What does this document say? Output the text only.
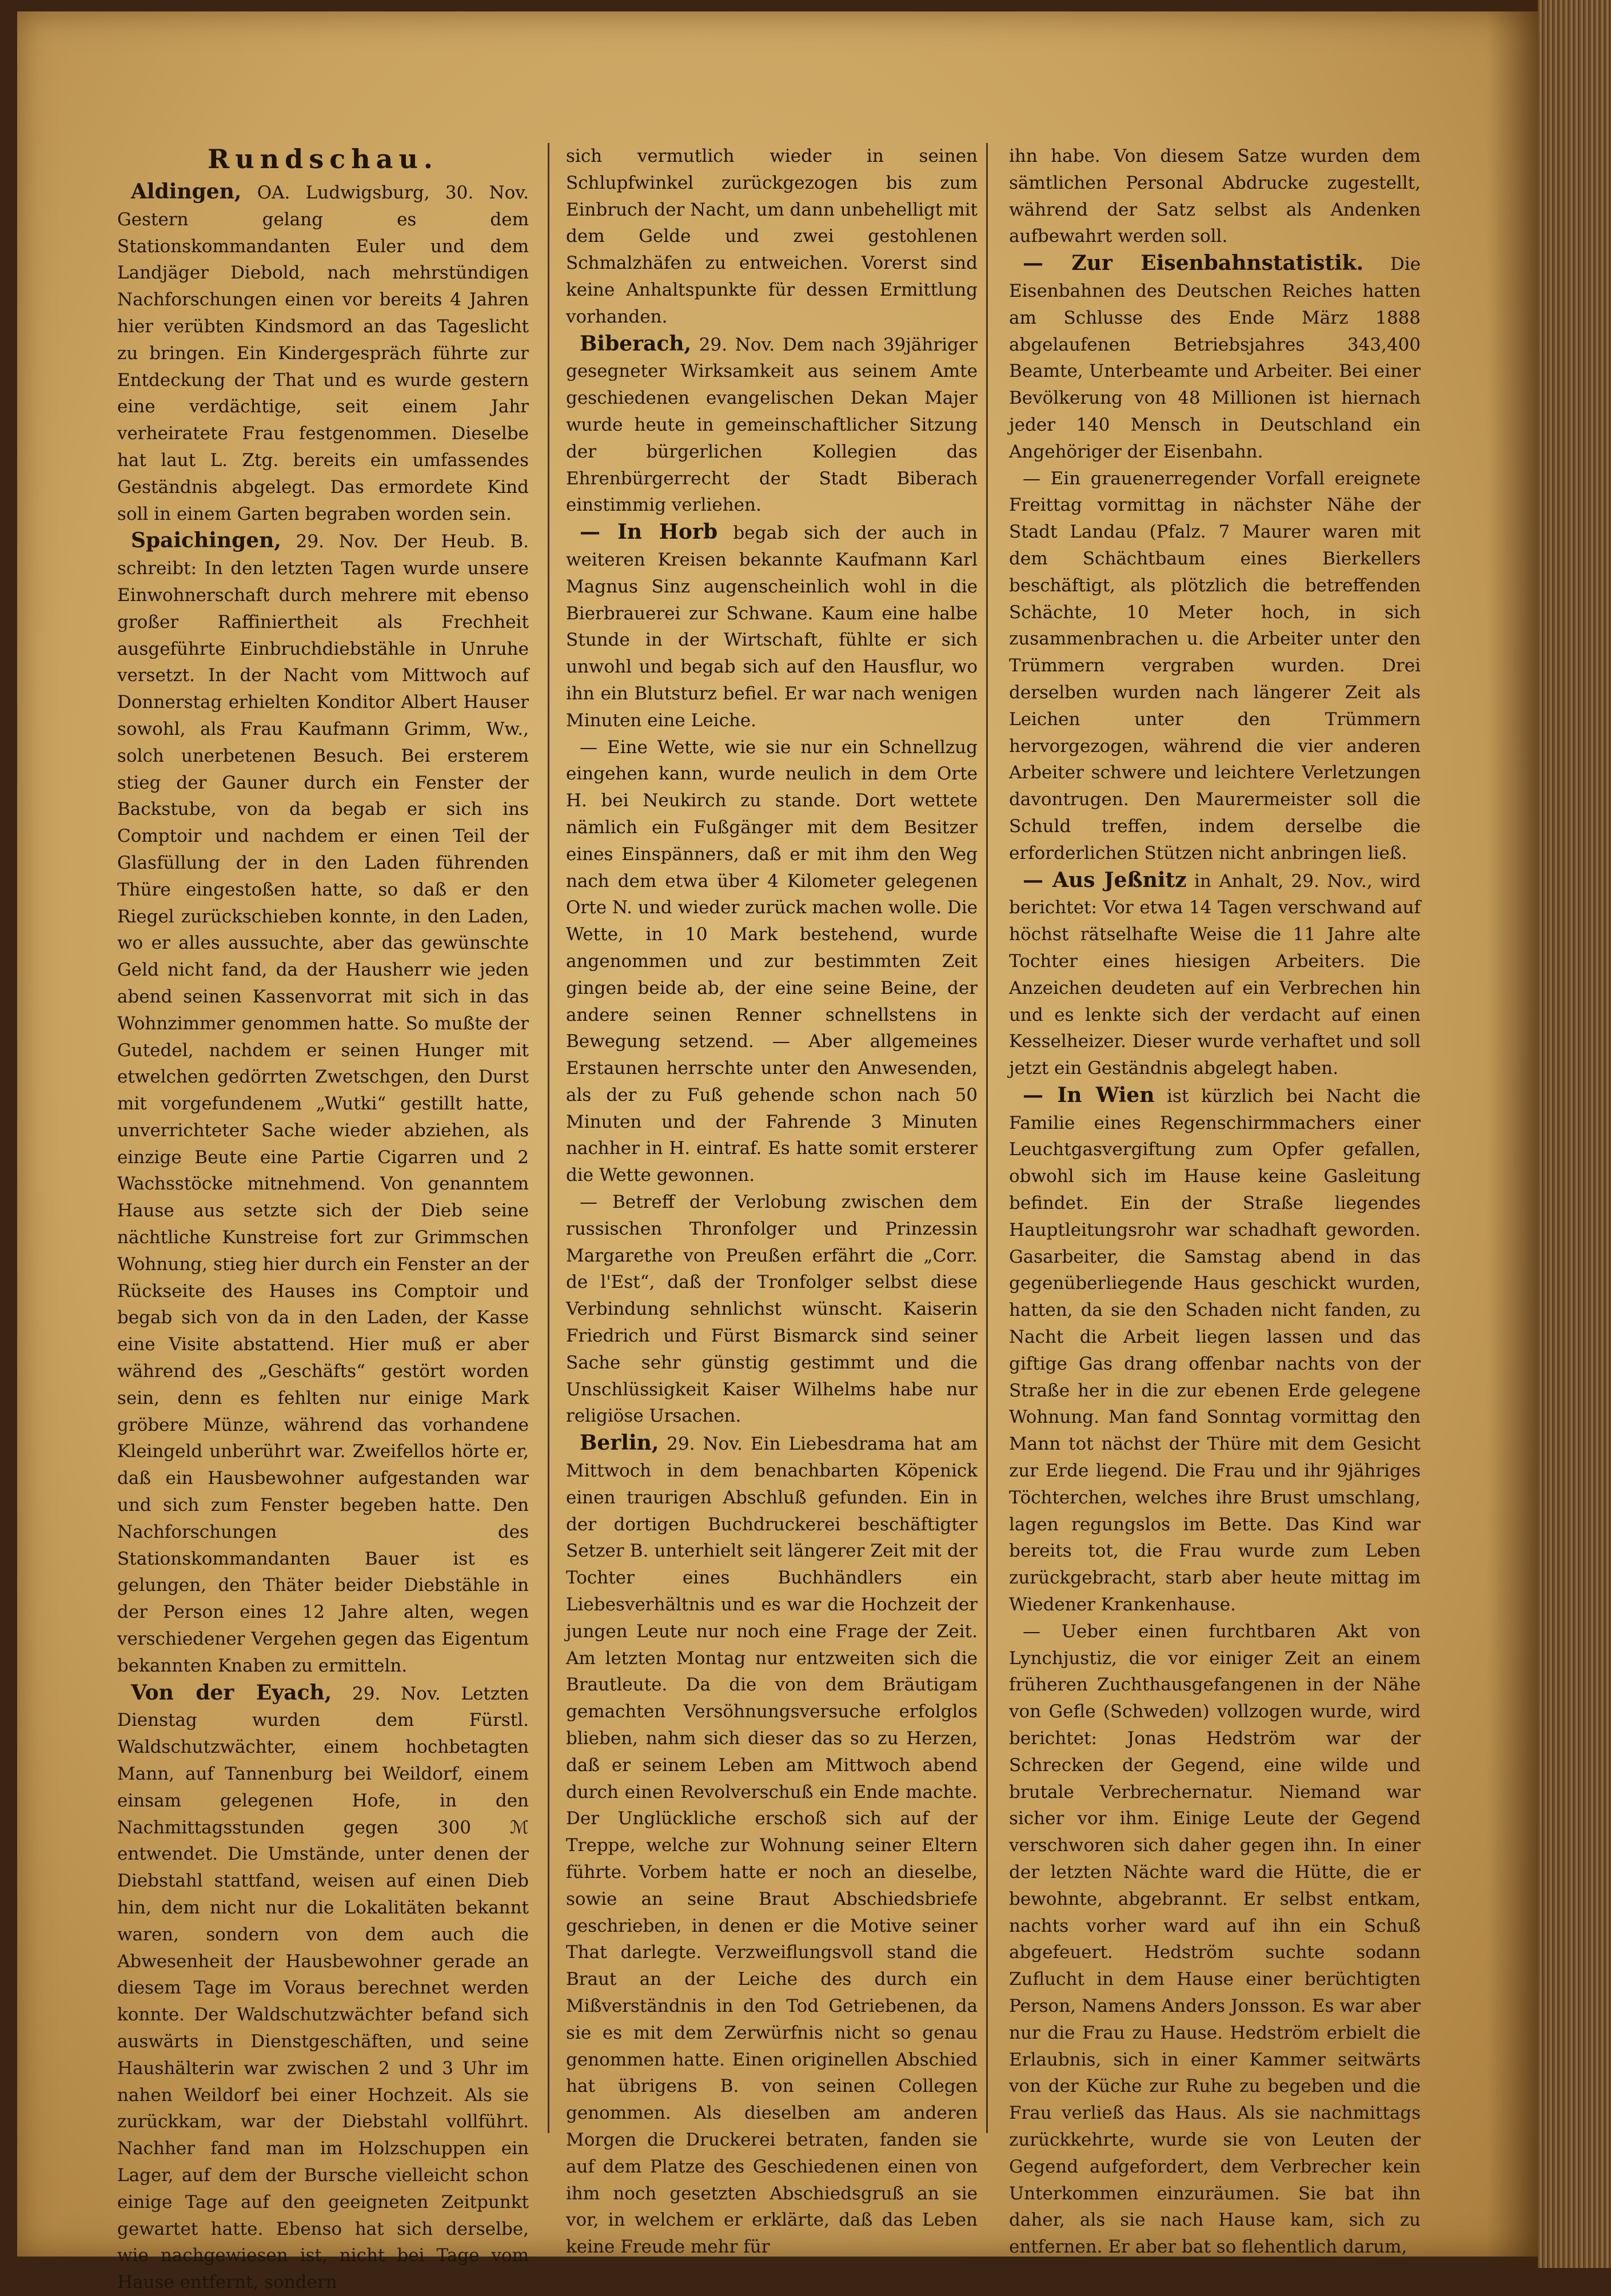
Rundschau.

Aldingen, OA. Ludwigsburg, 30. Nov. Gestern gelang es dem Stationskommandanten Euler und dem Landjäger Diebold, nach mehrstündigen Nachforschungen einen vor bereits 4 Jahren hier verübten Kindsmord an das Tageslicht zu bringen. Ein Kindergespräch führte zur Entdeckung der That und es wurde gestern eine verdächtige, seit einem Jahr verheiratete Frau festgenommen. Dieselbe hat laut L. Ztg. bereits ein umfassendes Geständnis abgelegt. Das ermordete Kind soll in einem Garten begraben worden sein.

Spaichingen, 29. Nov. Der Heub. B. schreibt: In den letzten Tagen wurde unsere Einwohnerschaft durch mehrere mit ebenso großer Raffiniertheit als Frechheit ausgeführte Einbruchdiebstähle in Unruhe versetzt. In der Nacht vom Mittwoch auf Donnerstag erhielten Konditor Albert Hauser sowohl, als Frau Kaufmann Grimm, Ww., solch unerbetenen Besuch. Bei ersterem stieg der Gauner durch ein Fenster der Backstube, von da begab er sich ins Comptoir und nachdem er einen Teil der Glasfüllung der in den Laden führenden Thüre eingestoßen hatte, so daß er den Riegel zurückschieben konnte, in den Laden, wo er alles aussuchte, aber das gewünschte Geld nicht fand, da der Hausherr wie jeden abend seinen Kassenvorrat mit sich in das Wohnzimmer genommen hatte. So mußte der Gutedel, nachdem er seinen Hunger mit etwelchen gedörrten Zwetschgen, den Durst mit vorgefundenem „Wutki“ gestillt hatte, unverrichteter Sache wieder abziehen, als einzige Beute eine Partie Cigarren und 2 Wachsstöcke mitnehmend. Von genanntem Hause aus setzte sich der Dieb seine nächtliche Kunstreise fort zur Grimmschen Wohnung, stieg hier durch ein Fenster an der Rückseite des Hauses ins Comptoir und begab sich von da in den Laden, der Kasse eine Visite abstattend. Hier muß er aber während des „Geschäfts“ gestört worden sein, denn es fehlten nur einige Mark gröbere Münze, während das vorhandene Kleingeld unberührt war. Zweifellos hörte er, daß ein Hausbewohner aufgestanden war und sich zum Fenster begeben hatte. Den Nachforschungen des Stationskommandanten Bauer ist es gelungen, den Thäter beider Diebstähle in der Person eines 12 Jahre alten, wegen verschiedener Vergehen gegen das Eigentum bekannten Knaben zu ermitteln.

Von der Eyach, 29. Nov. Letzten Dienstag wurden dem Fürstl. Waldschutzwächter, einem hochbetagten Mann, auf Tannenburg bei Weildorf, einem einsam gelegenen Hofe, in den Nachmittagsstunden gegen 300 ℳ entwendet. Die Umstände, unter denen der Diebstahl stattfand, weisen auf einen Dieb hin, dem nicht nur die Lokalitäten bekannt waren, sondern von dem auch die Abwesenheit der Hausbewohner gerade an diesem Tage im Voraus berechnet werden konnte. Der Waldschutzwächter befand sich auswärts in Dienstgeschäften, und seine Haushälterin war zwischen 2 und 3 Uhr im nahen Weildorf bei einer Hochzeit. Als sie zurückkam, war der Diebstahl vollführt. Nachher fand man im Holzschuppen ein Lager, auf dem der Bursche vielleicht schon einige Tage auf den geeigneten Zeitpunkt gewartet hatte. Ebenso hat sich derselbe, wie nachgewiesen ist, nicht bei Tage vom Hause entfernt, sondern

sich vermutlich wieder in seinen Schlupfwinkel zurückgezogen bis zum Einbruch der Nacht, um dann unbehelligt mit dem Gelde und zwei gestohlenen Schmalzhäfen zu entweichen. Vorerst sind keine Anhaltspunkte für dessen Ermittlung vorhanden.

Biberach, 29. Nov. Dem nach 39jähriger gesegneter Wirksamkeit aus seinem Amte geschiedenen evangelischen Dekan Majer wurde heute in gemeinschaftlicher Sitzung der bürgerlichen Kollegien das Ehrenbürgerrecht der Stadt Biberach einstimmig verliehen.

— In Horb begab sich der auch in weiteren Kreisen bekannte Kaufmann Karl Magnus Sinz augenscheinlich wohl in die Bierbrauerei zur Schwane. Kaum eine halbe Stunde in der Wirtschaft, fühlte er sich unwohl und begab sich auf den Hausflur, wo ihn ein Blutsturz befiel. Er war nach wenigen Minuten eine Leiche.

— Eine Wette, wie sie nur ein Schnellzug eingehen kann, wurde neulich in dem Orte H. bei Neukirch zu stande. Dort wettete nämlich ein Fußgänger mit dem Besitzer eines Einspänners, daß er mit ihm den Weg nach dem etwa über 4 Kilometer gelegenen Orte N. und wieder zurück machen wolle. Die Wette, in 10 Mark bestehend, wurde angenommen und zur bestimmten Zeit gingen beide ab, der eine seine Beine, der andere seinen Renner schnellstens in Bewegung setzend. — Aber allgemeines Erstaunen herrschte unter den Anwesenden, als der zu Fuß gehende schon nach 50 Minuten und der Fahrende 3 Minuten nachher in H. eintraf. Es hatte somit ersterer die Wette gewonnen.

— Betreff der Verlobung zwischen dem russischen Thronfolger und Prinzessin Margarethe von Preußen erfährt die „Corr. de l'Est“, daß der Tronfolger selbst diese Verbindung sehnlichst wünscht. Kaiserin Friedrich und Fürst Bismarck sind seiner Sache sehr günstig gestimmt und die Unschlüssigkeit Kaiser Wilhelms habe nur religiöse Ursachen.

Berlin, 29. Nov. Ein Liebesdrama hat am Mittwoch in dem benachbarten Köpenick einen traurigen Abschluß gefunden. Ein in der dortigen Buchdruckerei beschäftigter Setzer B. unterhielt seit längerer Zeit mit der Tochter eines Buchhändlers ein Liebesverhältnis und es war die Hochzeit der jungen Leute nur noch eine Frage der Zeit. Am letzten Montag nur entzweiten sich die Brautleute. Da die von dem Bräutigam gemachten Versöhnungsversuche erfolglos blieben, nahm sich dieser das so zu Herzen, daß er seinem Leben am Mittwoch abend durch einen Revolverschuß ein Ende machte. Der Unglückliche erschoß sich auf der Treppe, welche zur Wohnung seiner Eltern führte. Vorbem hatte er noch an dieselbe, sowie an seine Braut Abschiedsbriefe geschrieben, in denen er die Motive seiner That darlegte. Verzweiflungsvoll stand die Braut an der Leiche des durch ein Mißverständnis in den Tod Getriebenen, da sie es mit dem Zerwürfnis nicht so genau genommen hatte. Einen originellen Abschied hat übrigens B. von seinen Collegen genommen. Als dieselben am anderen Morgen die Druckerei betraten, fanden sie auf dem Platze des Geschiedenen einen von ihm noch gesetzten Abschiedsgruß an sie vor, in welchem er erklärte, daß das Leben keine Freude mehr für

ihn habe. Von diesem Satze wurden dem sämtlichen Personal Abdrucke zugestellt, während der Satz selbst als Andenken aufbewahrt werden soll.

— Zur Eisenbahnstatistik. Die Eisenbahnen des Deutschen Reiches hatten am Schlusse des Ende März 1888 abgelaufenen Betriebsjahres 343,400 Beamte, Unterbeamte und Arbeiter. Bei einer Bevölkerung von 48 Millionen ist hiernach jeder 140 Mensch in Deutschland ein Angehöriger der Eisenbahn.

— Ein grauenerregender Vorfall ereignete Freittag vormittag in nächster Nähe der Stadt Landau (Pfalz. 7 Maurer waren mit dem Schächtbaum eines Bierkellers beschäftigt, als plötzlich die betreffenden Schächte, 10 Meter hoch, in sich zusammenbrachen u. die Arbeiter unter den Trümmern vergraben wurden. Drei derselben wurden nach längerer Zeit als Leichen unter den Trümmern hervorgezogen, während die vier anderen Arbeiter schwere und leichtere Verletzungen davontrugen. Den Maurermeister soll die Schuld treffen, indem derselbe die erforderlichen Stützen nicht anbringen ließ.

— Aus Jeßnitz in Anhalt, 29. Nov., wird berichtet: Vor etwa 14 Tagen verschwand auf höchst rätselhafte Weise die 11 Jahre alte Tochter eines hiesigen Arbeiters. Die Anzeichen deudeten auf ein Verbrechen hin und es lenkte sich der verdacht auf einen Kesselheizer. Dieser wurde verhaftet und soll jetzt ein Geständnis abgelegt haben.

— In Wien ist kürzlich bei Nacht die Familie eines Regenschirmmachers einer Leuchtgasvergiftung zum Opfer gefallen, obwohl sich im Hause keine Gasleitung befindet. Ein der Straße liegendes Hauptleitungsrohr war schadhaft geworden. Gasarbeiter, die Samstag abend in das gegenüberliegende Haus geschickt wurden, hatten, da sie den Schaden nicht fanden, zu Nacht die Arbeit liegen lassen und das giftige Gas drang offenbar nachts von der Straße her in die zur ebenen Erde gelegene Wohnung. Man fand Sonntag vormittag den Mann tot nächst der Thüre mit dem Gesicht zur Erde liegend. Die Frau und ihr 9jähriges Töchterchen, welches ihre Brust umschlang, lagen regungslos im Bette. Das Kind war bereits tot, die Frau wurde zum Leben zurückgebracht, starb aber heute mittag im Wiedener Krankenhause.

— Ueber einen furchtbaren Akt von Lynchjustiz, die vor einiger Zeit an einem früheren Zuchthausgefangenen in der Nähe von Gefle (Schweden) vollzogen wurde, wird berichtet: Jonas Hedström war der Schrecken der Gegend, eine wilde und brutale Verbrechernatur. Niemand war sicher vor ihm. Einige Leute der Gegend verschworen sich daher gegen ihn. In einer der letzten Nächte ward die Hütte, die er bewohnte, abgebrannt. Er selbst entkam, nachts vorher ward auf ihn ein Schuß abgefeuert. Hedström suchte sodann Zuflucht in dem Hause einer berüchtigten Person, Namens Anders Jonsson. Es war aber nur die Frau zu Hause. Hedström erbielt die Erlaubnis, sich in einer Kammer seitwärts von der Küche zur Ruhe zu begeben und die Frau verließ das Haus. Als sie nachmittags zurückkehrte, wurde sie von Leuten der Gegend aufgefordert, dem Verbrecher kein Unterkommen einzuräumen. Sie bat ihn daher, als sie nach Hause kam, sich zu entfernen. Er aber bat so flehentlich darum,
